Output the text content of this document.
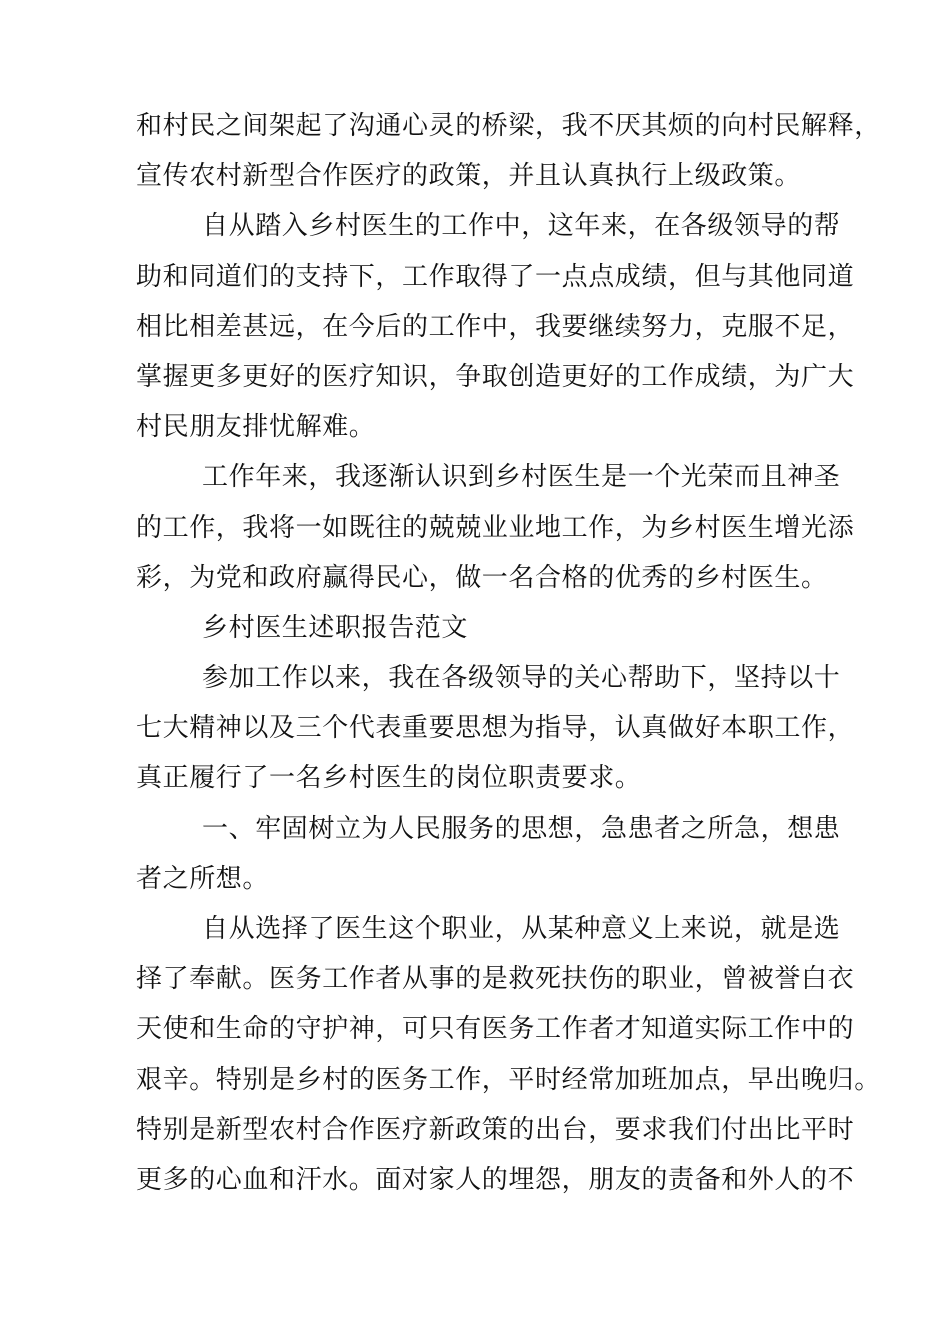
和村民之间架起了沟通心灵的桥梁，我不厌其烦的向村民解释，
宣传农村新型合作医疗的政策，并且认真执行上级政策。
自从踏入乡村医生的工作中，这年来，在各级领导的帮
助和同道们的支持下，工作取得了一点点成绩，但与其他同道
相比相差甚远，在今后的工作中，我要继续努力，克服不足，
掌握更多更好的医疗知识，争取创造更好的工作成绩，为广大
村民朋友排忧解难。
工作年来，我逐渐认识到乡村医生是一个光荣而且神圣
的工作，我将一如既往的兢兢业业地工作，为乡村医生增光添
彩，为党和政府赢得民心，做一名合格的优秀的乡村医生。
乡村医生述职报告范文
参加工作以来，我在各级领导的关心帮助下，坚持以十
七大精神以及三个代表重要思想为指导，认真做好本职工作，
真正履行了一名乡村医生的岗位职责要求。
一、牢固树立为人民服务的思想，急患者之所急，想患
者之所想。
自从选择了医生这个职业，从某种意义上来说，就是选
择了奉献。医务工作者从事的是救死扶伤的职业，曾被誉白衣
天使和生命的守护神，可只有医务工作者才知道实际工作中的
艰辛。特别是乡村的医务工作，平时经常加班加点，早出晚归。
特别是新型农村合作医疗新政策的出台，要求我们付出比平时
更多的心血和汗水。面对家人的埋怨，朋友的责备和外人的不
